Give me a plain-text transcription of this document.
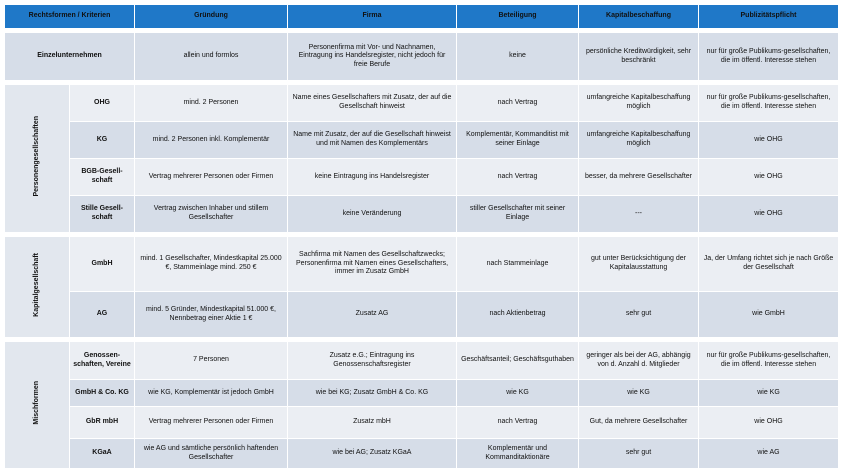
Rechtsformen / Kriterien		Gründung	Firma	Beteiligung	Kapitalbeschaffung	Publizitätspflicht

Einzelunternehmen		allein und formlos	Personenfirma mit Vor- und Nachnamen, Eintragung ins Handelsregister, nicht jedoch für freie Berufe	keine	persönliche Kreditwürdigkeit, sehr beschränkt	nur für große Publikums-gesellschaften, die im öffentl. Interesse stehen

Personengesellschaften	OHG	mind. 2 Personen	Name eines Gesellschafters mit Zusatz, der auf die Gesellschaft hinweist	nach Vertrag	umfangreiche Kapitalbeschaffung möglich	nur für große Publikums-gesellschaften, die im öffentl. Interesse stehen
	KG	mind. 2 Personen inkl. Komplementär	Name mit Zusatz, der auf die Gesellschaft hinweist und mit Namen des Komplementärs	Komplementär, Kommanditist mit seiner Einlage	umfangreiche Kapitalbeschaffung möglich	wie OHG
	BGB-Gesell-schaft	Vertrag mehrerer Personen oder Firmen	keine Eintragung ins Handelsregister	nach Vertrag	besser, da mehrere Gesellschafter	wie OHG
	Stille Gesell-schaft	Vertrag zwischen Inhaber und stillem Gesellschafter	keine Veränderung	stiller Gesellschafter mit seiner Einlage	---	wie OHG

Kapitalgesellschaft	GmbH	mind. 1 Gesellschafter, Mindestkapital 25.000 €, Stammeinlage mind. 250 €	Sachfirma mit Namen des Gesellschaftzwecks; Personenfirma mit Namen eines Gesellschafters, immer im Zusatz GmbH	nach Stammeinlage	gut unter Berücksichtigung der Kapitalausstattung	Ja, der Umfang richtet sich je nach Größe der Gesellschaft
	AG	mind. 5 Gründer, Mindestkapital 51.000 €, Nennbetrag einer Aktie 1 €	Zusatz AG	nach Aktienbetrag	sehr gut	wie GmbH

Mischformen	Genossen-schaften, Vereine	7 Personen	Zusatz e.G.; Eintragung ins Genossenschaftsregister	Geschäftsanteil; Geschäftsguthaben	geringer als bei der AG, abhängig von d. Anzahl d. Mitglieder	nur für große Publikums-gesellschaften, die im öffentl. Interesse stehen
	GmbH & Co. KG	wie KG, Komplementär ist jedoch GmbH	wie bei KG; Zusatz GmbH & Co. KG	wie KG	wie KG	wie KG
	GbR mbH	Vertrag mehrerer Personen oder Firmen	Zusatz mbH	nach Vertrag	Gut, da mehrere Gesellschafter	wie OHG
	KGaA	wie AG und sämtliche persönlich haftenden Gesellschafter	wie bei AG; Zusatz KGaA	Komplementär und Kommanditaktionäre	sehr gut	wie AG
